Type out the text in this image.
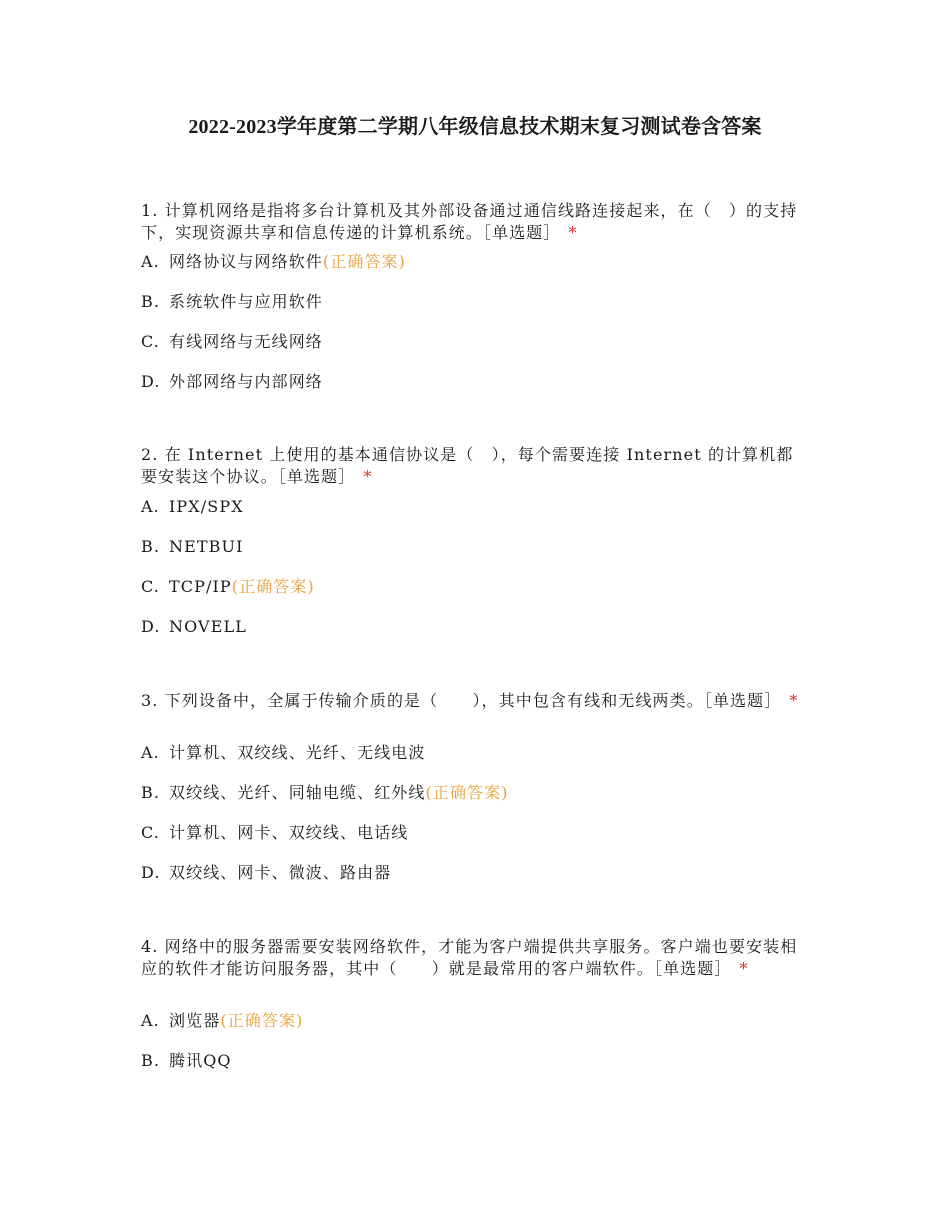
2022-2023学年度第二学期八年级信息技术期末复习测试卷含答案
1. 计算机网络是指将多台计算机及其外部设备通过通信线路连接起来，在（　）的支持下，实现资源共享和信息传递的计算机系统。［单选题］ *
A. 网络协议与网络软件(正确答案)
B. 系统软件与应用软件
C. 有线网络与无线网络
D. 外部网络与内部网络
2. 在 Internet 上使用的基本通信协议是（　），每个需要连接 Internet 的计算机都要安装这个协议。［单选题］ *
A. IPX/SPX
B. NETBUI
C. TCP/IP(正确答案)
D. NOVELL
3. 下列设备中，全属于传输介质的是（　　），其中包含有线和无线两类。［单选题］ *
A. 计算机、双绞线、光纤、无线电波
B. 双绞线、光纤、同轴电缆、红外线(正确答案)
C. 计算机、网卡、双绞线、电话线
D. 双绞线、网卡、微波、路由器
4. 网络中的服务器需要安装网络软件，才能为客户端提供共享服务。客户端也要安装相应的软件才能访问服务器，其中（　　）就是最常用的客户端软件。［单选题］ *
A. 浏览器(正确答案)
B. 腾讯QQ
